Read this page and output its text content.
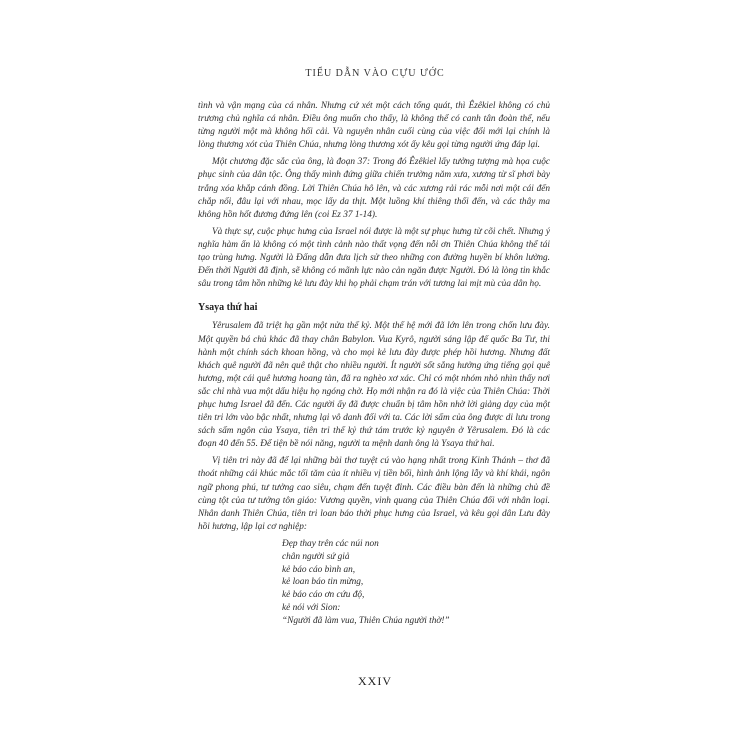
TIỂU DẪN VÀO CỰU ƯỚC

tình và vận mạng của cá nhân. Nhưng cứ xét một cách tổng quát, thì Êzêkiel không có chủ trương chủ nghĩa cá nhân. Điều ông muốn cho thấy, là không thể có canh tân đoàn thể, nếu từng người một mà không hối cải. Và nguyên nhân cuối cùng của việc đổi mới lại chính là lòng thương xót của Thiên Chúa, nhưng lòng thương xót ấy kêu gọi từng người ứng đáp lại.

Một chương đặc sắc của ông, là đoạn 37: Trong đó Êzêkiel lấy tưởng tượng mà họa cuộc phục sinh của dân tộc. Ông thấy mình đứng giữa chiến trường năm xưa, xương từ sĩ phơi bày trắng xóa khắp cánh đồng. Lời Thiên Chúa hô lên, và các xương rải rác mỗi nơi một cái đến chắp nối, đâu lại với nhau, mọc lấy da thịt. Một luồng khí thiêng thổi đến, và các thây ma không hồn hốt đương đứng lên (coi Ez 37 1-14).

Và thực sự, cuộc phục hưng của Israel nói được là một sự phục hưng từ cõi chết. Nhưng ý nghĩa hàm ẩn là không có một tình cảnh nào thất vọng đến nỗi ơn Thiên Chúa không thể tái tạo trùng hưng. Người là Đấng dẫn đưa lịch sử theo những con đường huyền bí khôn lường. Đến thời Người đã định, sẽ không có mãnh lực nào cản ngăn được Người. Đó là lòng tin khắc sâu trong tâm hồn những kẻ lưu đày khi họ phải chạm trán với tương lai mịt mù của dân họ.

Ysaya thứ hai

Yêrusalem đã triệt hạ gần một nửa thế kỷ. Một thế hệ mới đã lớn lên trong chốn lưu đày. Một quyền bá chủ khác đã thay chân Babylon. Vua Kyrô, người sáng lập đế quốc Ba Tư, thi hành một chính sách khoan hồng, và cho mọi kẻ lưu đày được phép hồi hương. Nhưng đất khách quê người đã nên quê thật cho nhiều người. Ít người sốt sắng hưởng ứng tiếng gọi quê hương, một cái quê hương hoang tàn, đã ra nghèo xơ xác. Chỉ có một nhóm nhỏ nhìn thấy nơi sắc chỉ nhà vua một dấu hiệu họ ngóng chờ. Họ mới nhận ra đó là việc của Thiên Chúa: Thời phục hưng Israel đã đến. Các người ấy đã được chuẩn bị tâm hồn nhờ lời giảng dạy của một tiên tri lớn vào bậc nhất, nhưng lại vô danh đối với ta. Các lời sấm của ông được di lưu trong sách sấm ngôn của Ysaya, tiên tri thế kỷ thứ tám trước kỷ nguyên ở Yêrusalem. Đó là các đoạn 40 đến 55. Để tiện bề nói năng, người ta mệnh danh ông là Ysaya thứ hai.

Vị tiên tri này đã để lại những bài thơ tuyệt cú vào hạng nhất trong Kinh Thánh – thơ đã thoát những cái khúc mắc tối tăm của ít nhiều vị tiền bối, hình ảnh lộng lẫy và khí khái, ngôn ngữ phong phú, tư tưởng cao siêu, chạm đến tuyệt đỉnh. Các điều bàn đến là những chủ đề cùng tột của tư tưởng tôn giáo: Vương quyền, vinh quang của Thiên Chúa đối với nhân loại. Nhân danh Thiên Chúa, tiên tri loan báo thời phục hưng của Israel, và kêu gọi dân Lưu đày hồi hương, lập lại cơ nghiệp:

Đẹp thay trên các núi non
chân người sứ giả
kẻ báo cáo bình an,
kẻ loan báo tin mừng,
kẻ báo cáo ơn cứu độ,
kẻ nói với Sion:
“Người đã làm vua, Thiên Chúa người thờ!”
XXIV
